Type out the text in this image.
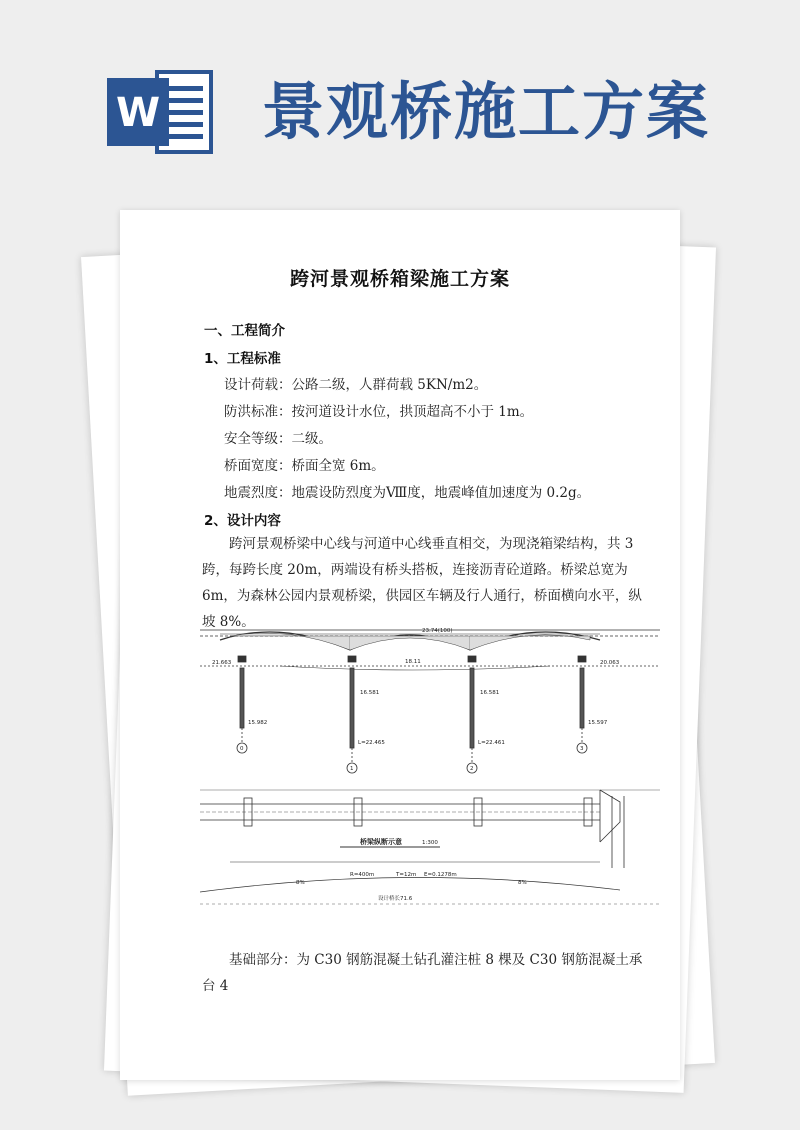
W 景观桥施工方案
跨河景观桥箱梁施工方案
一、工程简介
1、工程标准
设计荷载：公路二级，人群荷载 5KN/m2。
防洪标准：按河道设计水位，拱顶超高不小于 1m。
安全等级：二级。
桥面宽度：桥面全宽 6m。
地震烈度：地震设防烈度为Ⅷ度，地震峰值加速度为 0.2g。
2、设计内容
跨河景观桥梁中心线与河道中心线垂直相交，为现浇箱梁结构，共 3 跨，每跨长度 20m，两端设有桥头搭板，连接沥青砼道路。桥梁总宽为 6m，为森林公园内景观桥梁，供园区车辆及行人通行，桥面横向水平，纵坡 8%。
23.74(100)
18.11
21.663	20.063
16.581	16.581
15.982	15.597
L=22.465	L=22.461
0
1	2
3
桥梁纵断示意	1:300
R=400m	T=12m E=0.1278m
8%	8%
设计桥长71.6
基础部分：为 C30 钢筋混凝土钻孔灌注桩 8 棵及 C30 钢筋混凝土承台 4
